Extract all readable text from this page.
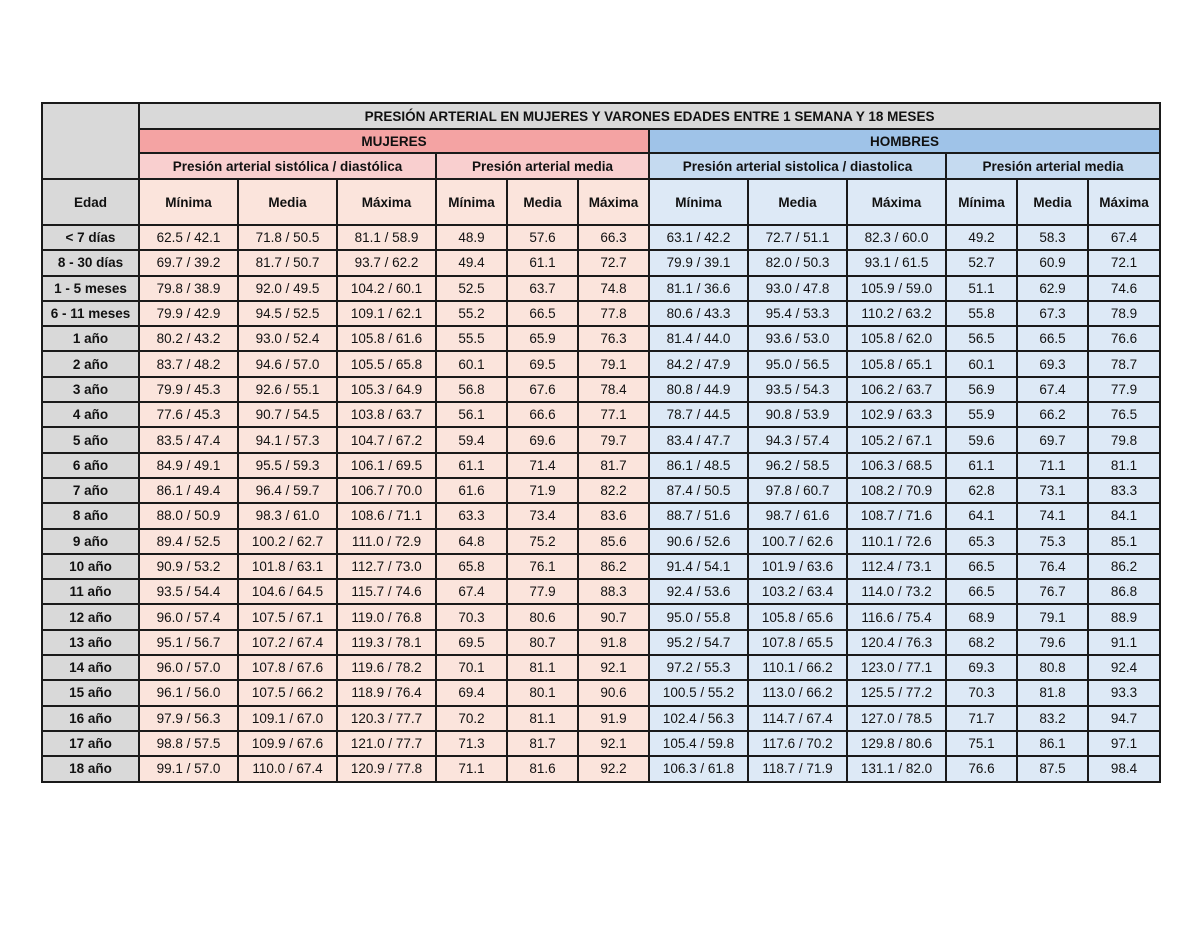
	PRESIÓN ARTERIAL EN MUJERES Y VARONES EDADES ENTRE 1 SEMANA Y 18 MESES											
	MUJERES						HOMBRES					
	Presión arterial sistólica / diastólica			Presión arterial media			Presión arterial sistolica / diastolica			Presión arterial media		
Edad	Mínima	Media	Máxima	Mínima	Media	Máxima	Mínima	Media	Máxima	Mínima	Media	Máxima
< 7 días	62.5 / 42.1	71.8 / 50.5	81.1 / 58.9	48.9	57.6	66.3	63.1 / 42.2	72.7 / 51.1	82.3 / 60.0	49.2	58.3	67.4
8 - 30 días	69.7 / 39.2	81.7 / 50.7	93.7 / 62.2	49.4	61.1	72.7	79.9 / 39.1	82.0 / 50.3	93.1 / 61.5	52.7	60.9	72.1
1 - 5 meses	79.8 / 38.9	92.0 / 49.5	104.2 / 60.1	52.5	63.7	74.8	81.1 / 36.6	93.0 / 47.8	105.9 / 59.0	51.1	62.9	74.6
6 - 11 meses	79.9 / 42.9	94.5 / 52.5	109.1 / 62.1	55.2	66.5	77.8	80.6 / 43.3	95.4 / 53.3	110.2 / 63.2	55.8	67.3	78.9
1 año	80.2 / 43.2	93.0 / 52.4	105.8 / 61.6	55.5	65.9	76.3	81.4 / 44.0	93.6 / 53.0	105.8 / 62.0	56.5	66.5	76.6
2 año	83.7 / 48.2	94.6 / 57.0	105.5 / 65.8	60.1	69.5	79.1	84.2 / 47.9	95.0 / 56.5	105.8 / 65.1	60.1	69.3	78.7
3 año	79.9 / 45.3	92.6 / 55.1	105.3 / 64.9	56.8	67.6	78.4	80.8 / 44.9	93.5 / 54.3	106.2 / 63.7	56.9	67.4	77.9
4 año	77.6 / 45.3	90.7 / 54.5	103.8 / 63.7	56.1	66.6	77.1	78.7 / 44.5	90.8 / 53.9	102.9 / 63.3	55.9	66.2	76.5
5 año	83.5 / 47.4	94.1 / 57.3	104.7 / 67.2	59.4	69.6	79.7	83.4 / 47.7	94.3 / 57.4	105.2 / 67.1	59.6	69.7	79.8
6 año	84.9 / 49.1	95.5 / 59.3	106.1 / 69.5	61.1	71.4	81.7	86.1 / 48.5	96.2 / 58.5	106.3 / 68.5	61.1	71.1	81.1
7 año	86.1 / 49.4	96.4 / 59.7	106.7 / 70.0	61.6	71.9	82.2	87.4 / 50.5	97.8 / 60.7	108.2 / 70.9	62.8	73.1	83.3
8 año	88.0 / 50.9	98.3 / 61.0	108.6 / 71.1	63.3	73.4	83.6	88.7 / 51.6	98.7 / 61.6	108.7 / 71.6	64.1	74.1	84.1
9 año	89.4 / 52.5	100.2 / 62.7	111.0 / 72.9	64.8	75.2	85.6	90.6 / 52.6	100.7 / 62.6	110.1 / 72.6	65.3	75.3	85.1
10 año	90.9 / 53.2	101.8 / 63.1	112.7 / 73.0	65.8	76.1	86.2	91.4 / 54.1	101.9 / 63.6	112.4 / 73.1	66.5	76.4	86.2
11 año	93.5 / 54.4	104.6 / 64.5	115.7 / 74.6	67.4	77.9	88.3	92.4 / 53.6	103.2 / 63.4	114.0 / 73.2	66.5	76.7	86.8
12 año	96.0 / 57.4	107.5 / 67.1	119.0 / 76.8	70.3	80.6	90.7	95.0 / 55.8	105.8 / 65.6	116.6 / 75.4	68.9	79.1	88.9
13 año	95.1 / 56.7	107.2 / 67.4	119.3 / 78.1	69.5	80.7	91.8	95.2 / 54.7	107.8 / 65.5	120.4 / 76.3	68.2	79.6	91.1
14 año	96.0 / 57.0	107.8 / 67.6	119.6 / 78.2	70.1	81.1	92.1	97.2 / 55.3	110.1 / 66.2	123.0 / 77.1	69.3	80.8	92.4
15 año	96.1 / 56.0	107.5 / 66.2	118.9 / 76.4	69.4	80.1	90.6	100.5 / 55.2	113.0 / 66.2	125.5 / 77.2	70.3	81.8	93.3
16 año	97.9 / 56.3	109.1 / 67.0	120.3 / 77.7	70.2	81.1	91.9	102.4 / 56.3	114.7 / 67.4	127.0 / 78.5	71.7	83.2	94.7
17 año	98.8 / 57.5	109.9 / 67.6	121.0 / 77.7	71.3	81.7	92.1	105.4 / 59.8	117.6 / 70.2	129.8 / 80.6	75.1	86.1	97.1
18 año	99.1 / 57.0	110.0 / 67.4	120.9 / 77.8	71.1	81.6	92.2	106.3 / 61.8	118.7 / 71.9	131.1 / 82.0	76.6	87.5	98.4
